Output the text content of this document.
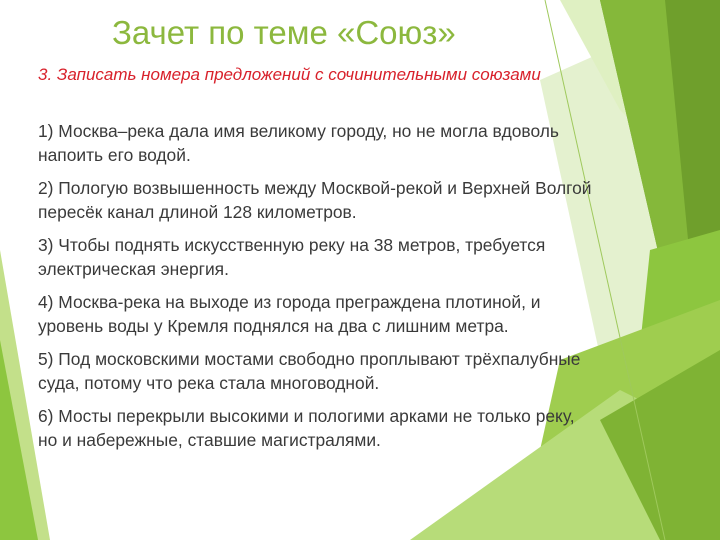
Зачет по теме «Союз»

3. Записать номера предложений с сочинительными союзами

1) Москва–река дала имя великому городу, но не могла вдоволь напоить его водой.
2) Пологую возвышенность между Москвой-рекой и Верхней Волгой пересёк канал длиной 128 километров.
3) Чтобы поднять искусственную реку на 38 метров, требуется электрическая энергия.
4) Москва-река на выходе из города преграждена плотиной, и уровень воды у Кремля поднялся на два с лишним метра.
5) Под московскими мостами свободно проплывают трёхпалубные суда, потому что река стала многоводной.
6) Мосты перекрыли высокими и пологими арками не только реку, но и набережные, ставшие магистралями.
